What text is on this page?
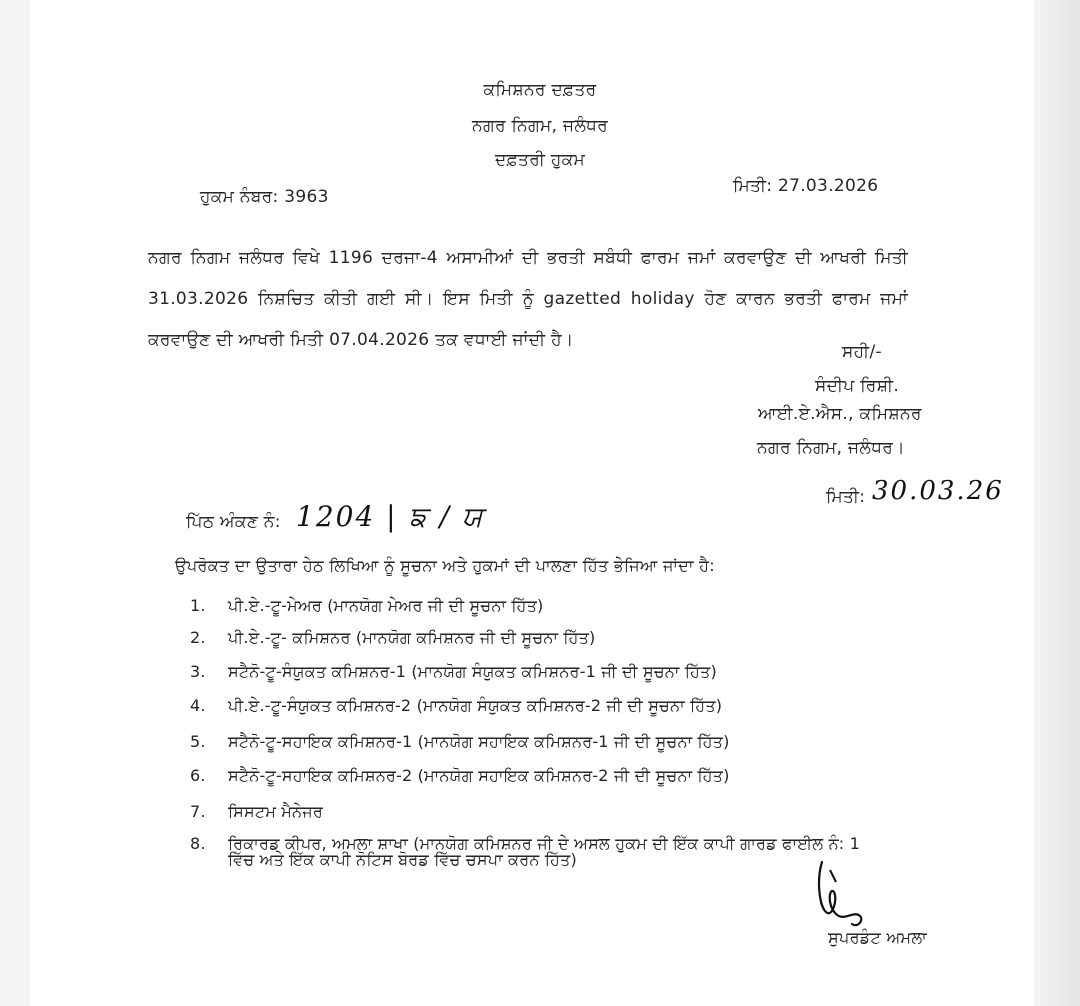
ਕਮਿਸ਼ਨਰ ਦਫ਼ਤਰ
ਨਗਰ ਨਿਗਮ, ਜਲੰਧਰ
ਦਫ਼ਤਰੀ ਹੁਕਮ
ਹੁਕਮ ਨੰਬਰ: 3963
ਮਿਤੀ: 27.03.2026
ਨਗਰ ਨਿਗਮ ਜਲੰਧਰ ਵਿਖੇ 1196 ਦਰਜਾ-4 ਅਸਾਮੀਆਂ ਦੀ ਭਰਤੀ ਸਬੰਧੀ ਫਾਰਮ ਜਮਾਂ ਕਰਵਾਉਣ ਦੀ ਆਖਰੀ ਮਿਤੀ 31.03.2026 ਨਿਸ਼ਚਿਤ ਕੀਤੀ ਗਈ ਸੀ। ਇਸ ਮਿਤੀ ਨੂੰ gazetted holiday ਹੋਣ ਕਾਰਨ ਭਰਤੀ ਫਾਰਮ ਜਮਾਂ ਕਰਵਾਉਣ ਦੀ ਆਖਰੀ ਮਿਤੀ 07.04.2026 ਤਕ ਵਧਾਈ ਜਾਂਦੀ ਹੈ।
ਸਹੀ/-
ਸੰਦੀਪ ਰਿਸ਼ੀ.
ਆਈ.ਏ.ਐਸ., ਕਮਿਸ਼ਨਰ
ਨਗਰ ਨਿਗਮ, ਜਲੰਧਰ।
ਮਿਤੀ: 30.03.26
ਪਿੱਠ ਅੰਕਣ ਨੰ: 1204 | ਙ / ਯ
ਉਪਰੋਕਤ ਦਾ ਉਤਾਰਾ ਹੇਠ ਲਿਖਿਆ ਨੂੰ ਸੂਚਨਾ ਅਤੇ ਹੁਕਮਾਂ ਦੀ ਪਾਲਣਾ ਹਿੱਤ ਭੇਜਿਆ ਜਾਂਦਾ ਹੈ:
1. ਪੀ.ਏ.-ਟੂ-ਮੇਅਰ (ਮਾਨਯੋਗ ਮੇਅਰ ਜੀ ਦੀ ਸੂਚਨਾ ਹਿੱਤ)
2. ਪੀ.ਏ.-ਟੂ- ਕਮਿਸ਼ਨਰ (ਮਾਨਯੋਗ ਕਮਿਸ਼ਨਰ ਜੀ ਦੀ ਸੂਚਨਾ ਹਿੱਤ)
3. ਸਟੈਨੋ-ਟੂ-ਸੰਯੁਕਤ ਕਮਿਸ਼ਨਰ-1 (ਮਾਨਯੋਗ ਸੰਯੁਕਤ ਕਮਿਸ਼ਨਰ-1 ਜੀ ਦੀ ਸੂਚਨਾ ਹਿੱਤ)
4. ਪੀ.ਏ.-ਟੂ-ਸੰਯੁਕਤ ਕਮਿਸ਼ਨਰ-2 (ਮਾਨਯੋਗ ਸੰਯੁਕਤ ਕਮਿਸ਼ਨਰ-2 ਜੀ ਦੀ ਸੂਚਨਾ ਹਿੱਤ)
5. ਸਟੈਨੋ-ਟੂ-ਸਹਾਇਕ ਕਮਿਸ਼ਨਰ-1 (ਮਾਨਯੋਗ ਸਹਾਇਕ ਕਮਿਸ਼ਨਰ-1 ਜੀ ਦੀ ਸੂਚਨਾ ਹਿੱਤ)
6. ਸਟੈਨੋ-ਟੂ-ਸਹਾਇਕ ਕਮਿਸ਼ਨਰ-2 (ਮਾਨਯੋਗ ਸਹਾਇਕ ਕਮਿਸ਼ਨਰ-2 ਜੀ ਦੀ ਸੂਚਨਾ ਹਿੱਤ)
7. ਸਿਸਟਮ ਮੈਨੇਜਰ
8. ਰਿਕਾਰਡ ਕੀਪਰ, ਅਮਲਾ ਸ਼ਾਖਾ (ਮਾਨਯੋਗ ਕਮਿਸ਼ਨਰ ਜੀ ਦੇ ਅਸਲ ਹੁਕਮ ਦੀ ਇੱਕ ਕਾਪੀ ਗਾਰਡ ਫਾਈਲ ਨੰ: 1
ਵਿੱਚ ਅਤੇ ਇੱਕ ਕਾਪੀ ਨੋਟਿਸ ਬੋਰਡ ਵਿੱਚ ਚਸਪਾ ਕਰਨ ਹਿੱਤ)
ਸੁਪਰਡੰਟ ਅਮਲਾ
